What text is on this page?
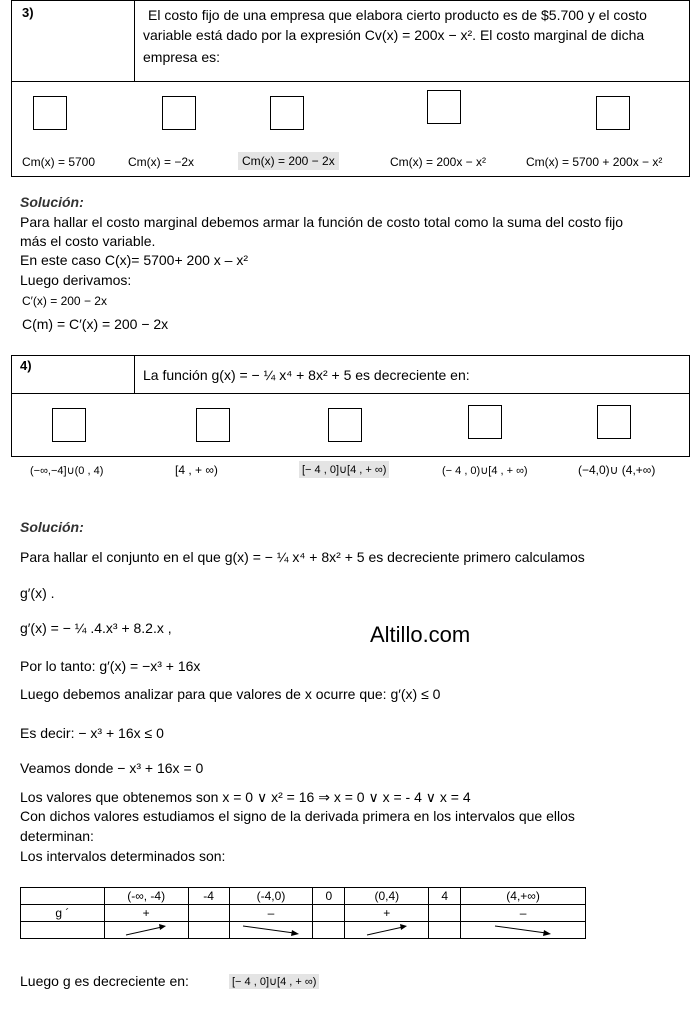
3)	El costo fijo de una empresa que elabora cierto producto es de $5.700 y el costo
variable está dado por la expresión Cv(x) = 200x − x². El costo marginal de dicha
empresa es:
Cm(x) = 5700	Cm(x) = −2x	Cm(x) = 200 − 2x	Cm(x) = 200x − x²	Cm(x) = 5700 + 200x − x²
Solución:
Para hallar el costo marginal debemos armar la función de costo total como la suma del costo fijo
más el costo variable.
En este caso C(x)= 5700+ 200 x – x²
Luego derivamos:
C′(x) = 200 − 2x
C(m) = C′(x) = 200 − 2x
4)
La función g(x) = − ¼ x⁴ + 8x² + 5 es decreciente en:
(−∞,−4]∪(0 , 4)	[4 , + ∞)	[− 4 , 0]∪[4 , + ∞)	(− 4 , 0)∪[4 , + ∞)	(−4,0)∪ (4,+∞)
Solución:
Para hallar el conjunto en el que g(x) = − ¼ x⁴ + 8x² + 5 es decreciente primero calculamos
g′(x) .
g′(x) = − ¼ .4.x³ + 8.2.x ,	Altillo.com
Por lo tanto: g′(x) = −x³ + 16x
Luego debemos analizar para que valores de x ocurre que: g′(x) ≤ 0
Es decir: − x³ + 16x ≤ 0
Veamos donde − x³ + 16x = 0
Los valores que obtenemos son x = 0 ∨ x² = 16 ⇒ x = 0 ∨ x = - 4 ∨ x = 4
Con dichos valores estudiamos el signo de la derivada primera en los intervalos que ellos
determinan:
Los intervalos determinados son:
	(-∞, -4)	-4	(-4,0)	0	(0,4)	4	(4,+∞)
g ´	+		–		+		–

Luego g es decreciente en:	[− 4 , 0]∪[4 , + ∞)
